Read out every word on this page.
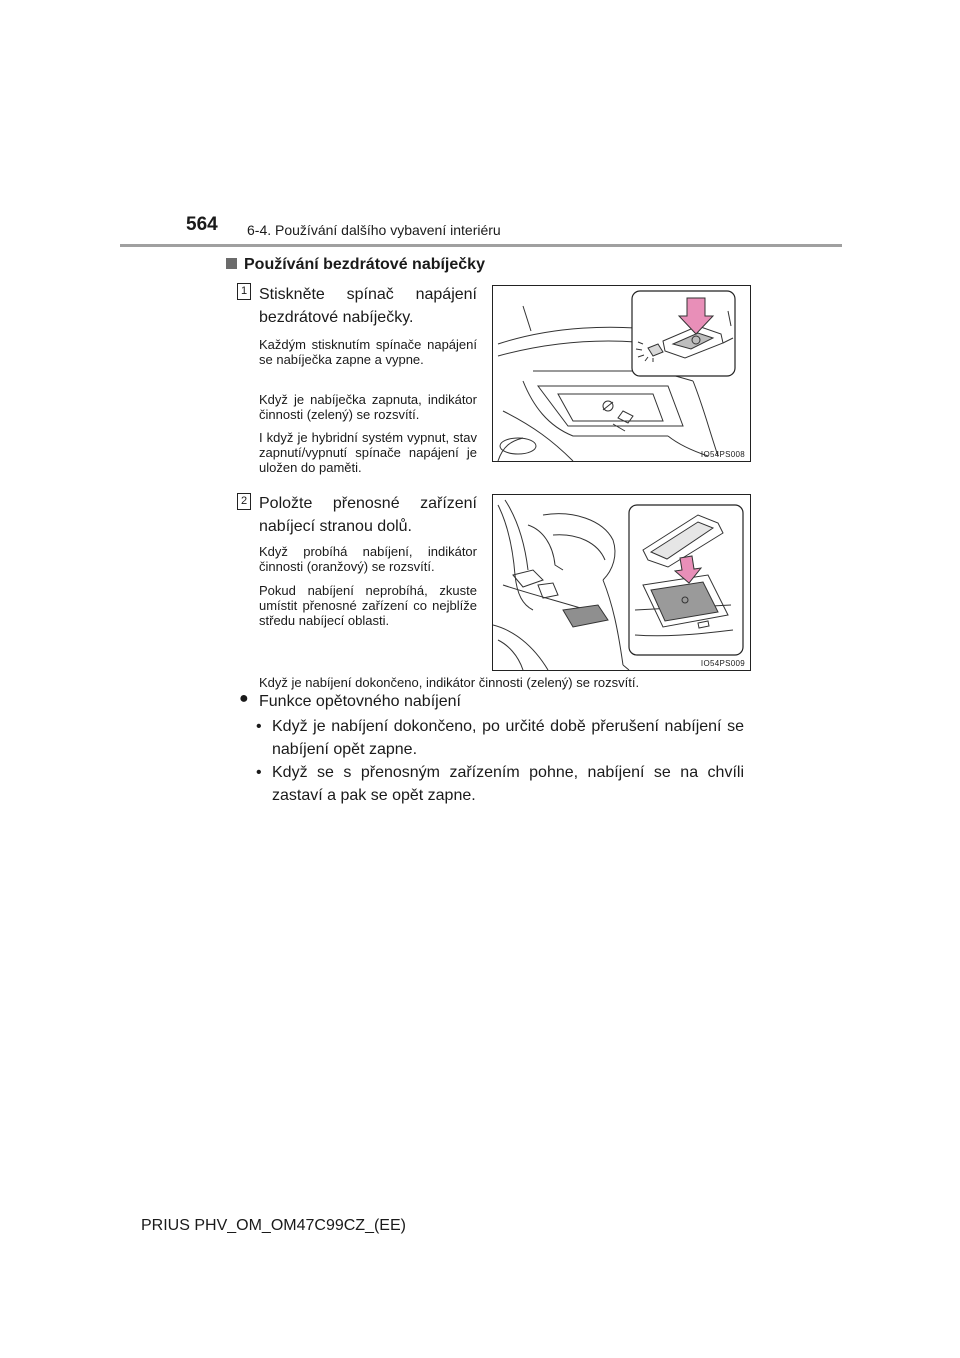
564 6-4. Používání dalšího vybavení interiéru
Používání bezdrátové nabíječky
1 Stiskněte spínač napájení bezdrátové nabíječky.
Každým stisknutím spínače napájení se nabíječka zapne a vypne.
Když je nabíječka zapnuta, indikátor činnosti (zelený) se rozsvítí.
I když je hybridní systém vypnut, stav zapnutí/vypnutí spínače napájení je uložen do paměti.
IO54PS008
2 Položte přenosné zařízení nabíjecí stranou dolů.
Když probíhá nabíjení, indikátor činnosti (oranžový) se rozsvítí.
Pokud nabíjení neprobíhá, zkuste umístit přenosné zařízení co nejblíže středu nabíjecí oblasti.
IO54PS009
Když je nabíjení dokončeno, indikátor činnosti (zelený) se rozsvítí.
● Funkce opětovného nabíjení
• Když je nabíjení dokončeno, po určité době přerušení nabíjení se nabíjení opět zapne.
• Když se s přenosným zařízením pohne, nabíjení se na chvíli zastaví a pak se opět zapne.
PRIUS PHV_OM_OM47C99CZ_(EE)
